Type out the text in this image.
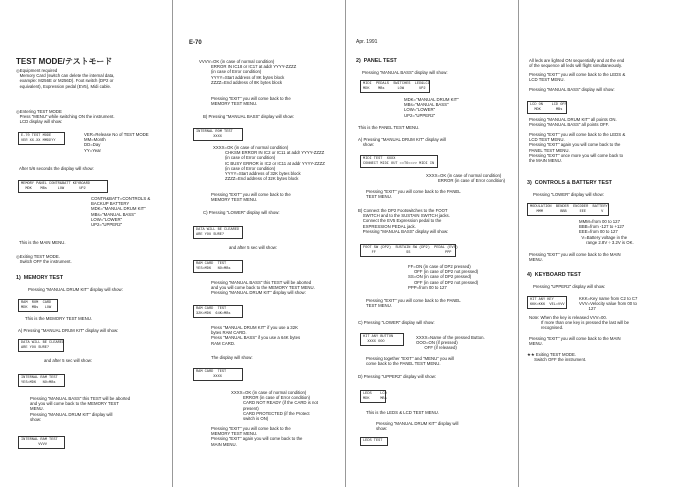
TEST MODE/テストモード
◎Equipment required
Memory Card (switch can delete the internal data,
example: M256E or M256D). Foot switch (DP2 or
equivalent), Expression pedal (EV5), Midi cable.
◎Entering TEST MODE
Press "MENU" while switching ON the instrument.
LCD display will show:
E-70 TEST MODE
VER XX.XX MMDDYY
VER=Release No of TEST MODE
MM=Month
DD=Day
YY=Year
After 5/6 seconds the display will show:
MEMORY PANEL CONTR&BATT KEYBOARD
MDK    MBs     LOW       UP2
CONTR&BATT=CONTROLS &
BACKUP BATTERY
MDK="MANUAL DRUM KIT"
MBs="MANUAL BASS"
LOW="LOWER"
UP2="UPPER2"
This is the MAIN MENU.
◎Exiting TEST MODE.
Switch OFF the instrument.
1)  MEMORY TEST
Pressing "MANUAL DRUM KIT" display will show:
RAM  ROM  CARD
MDK  MBs   LOW
This is the MEMORY TEST MENU.
A) Pressing "MANUAL DRUM KIT" display will show:
DATA WILL BE CLEARED
ARE YOU SURE?
and after 5 sec will show:
INTERNAL RAM TEST
YES=MDK   NO=MBs
Pressing "MANUAL BASS" this TEST will be aborted
and you will come back to the MEMORY TEST
MENU.
Pressing "MANUAL DRUM KIT" display will
show:
INTERNAL RAM TEST
VVVV
E-70
VVVV=OK (in case of normal condition)
ERROR IN IC18 or IC17 at addr YYYY-ZZZZ
(in case of Error condition)
YYYY=Start address of 8K bytes block
ZZZZ=End address of 8K bytes block
Pressing "EXIT" you will come back to the
MEMORY TEST MENU.
B) Pressing "MANUAL BASS" display will show:
INTERNAL ROM TEST
XXXX
XXXX=OK (in case of normal condition)
CHKSM ERROR IN IC2 or IC11 at addr YYYY-ZZZZ
(in case of Error condition)
IC BUSY ERROR in IC2 or IC11 at addr YYYY-ZZZZ
(in case of Error condition)
YYYY=Start address of 32K bytes block
ZZZZ=End address of 32K bytes block
Pressing "EXIT" you will come back to the
MEMORY TEST MENU.
C) Pressing "LOWER" display will show:
DATA WILL BE CLEARED
ARE YOU SURE?
and after 5 sec will show:
RAM CARD  TEST
YES=MDK   NO=MBs
Pressing "MANUAL BASS" this TEST will be aborted
and you will come back to the MEMORY TEST MENU.
Pressing "MANUAL DRUM KIT" display will show:
RAM CARD  TEST
32K=MDK  64K=MBs
Press "MANUAL DRUM KIT" if you use a 32K
bytes RAM CARD.
Press "MANUAL BASS" if you use a 64K bytes
RAM CARD.
The display will show:
RAM CARD  TEST
XXXX
XXXX=OK (in case of normal condition)
ERROR (in case of Error condition)
CARD NOT READY (if the CARD is not
present)
CARD PROTECTED (if the Protect
switch is ON)
Pressing "EXIT" you will come back to the
MEMORY TEST MENU.
Pressing "EXIT" again you will come back to the
MAIN MENU.
Apr. 1991
2)  PANEL TEST
Pressing "MANUAL BASS" display will show:
MIDI  PEDALS  SWITCHES  LED&LCD
MDK    MBs      LOW       UP2
MDK="MANUAL DRUM KIT"
MBs="MANUAL BASS"
LOW="LOWER"
UP2="UPPER2"
This is the PANEL TEST MENU.
A) Pressing "MANUAL DRUM KIT" display will
show:
MIDI TEST  XXXX
CONNECT MIDI OUT ==TO==>> MIDI IN
XXXX=OK (in case of normal condition)
ERROR (in case of Error condition)
Pressing "EXIT" you will come back to the PANEL
TEST MENU.
B) Connect the DP2 Footswitches to the FOOT
SWITCH and to the SUSTAIN SWITCH jacks.
Connect the EV5 Expression pedal to the
EXPRESSION PEDAL jack.
Pressing "MANUAL BASS" display will show:
FOOT SW (DP2)  SUSTAIN SW (DP2)  PEDAL (EV5)
FF              SS                PPP
FF=ON (in case of DP2 pressed)
OFF (in case of DP2 not pressed)
SS=ON (in case of DP2 pressed)
OFF (in case of DP2 not pressed)
PPP=from 00 to 127
Pressing "EXIT" you will come back to the PANEL
TEST MENU.
C) Pressing "LOWER" display will show:
HIT ANY BUTTON
XXXX OOO
XXXX=Name of the pressed Button.
OOO=ON (if pressed)
OFF (if released)
Pressing together "EXIT" and "MENU" you will
come back to the PANEL TEST MENU.
D) Pressing "UPPER2" display will show:
LEDS    LCD
MDK     MBs
This is the LEDS & LCD TEST MENU.
Pressing "MANUAL DRUM KIT" display will
show:
LEDS TEST
All leds are lighted ON sequentially and at the end
of the sequence all leds will flight simultaneously.
Pressing "EXIT" you will come back to the LEDS &
LCD TEST MENU.
Pressing "MANUAL BASS" display will show:
LCD ON    LCD OFF
MDK       MBs
Pressing "MANUAL DRUM KIT" all points ON.
Pressing "MANUAL BASS" all points OFF.
Pressing "EXIT" you will come back to the LEDS &
LCD TEST MENU.
Pressing "EXIT" again you will come back to the
PANEL TEST MENU.
Pressing "EXIT" once more you will come back to
the MAIN MENU.
3)  CONTROLS & BATTERY TEST
Pressing "LOWER" display will show:
MODULATION  BENDER  ENCODER  BATTERY
MMM        BBB      EEE       V
MMM=from 00 to 127
BBB=from -127 to +127
EEE=from 00 to 127
V=Battery voltage in the
range 2.8V ÷ 3.2V is OK.
Pressing "EXIT" you will come back to the MAIN
MENU.
4)  KEYBOARD TEST
Pressing "UPPER2" display will show:
HIT ANY KEY
KKK=KKK  VEL=VVV
KKK=Key name from C2 to C7
VVV=Velocity value from 00 to
127
Note: When the key is released VVV=00.
If more than one key is pressed the last will be
recognised.
Pressing "EXIT" you will come back to the MAIN
MENU.
★★ Exiting TEST MODE.
Switch OFF the instrument.
